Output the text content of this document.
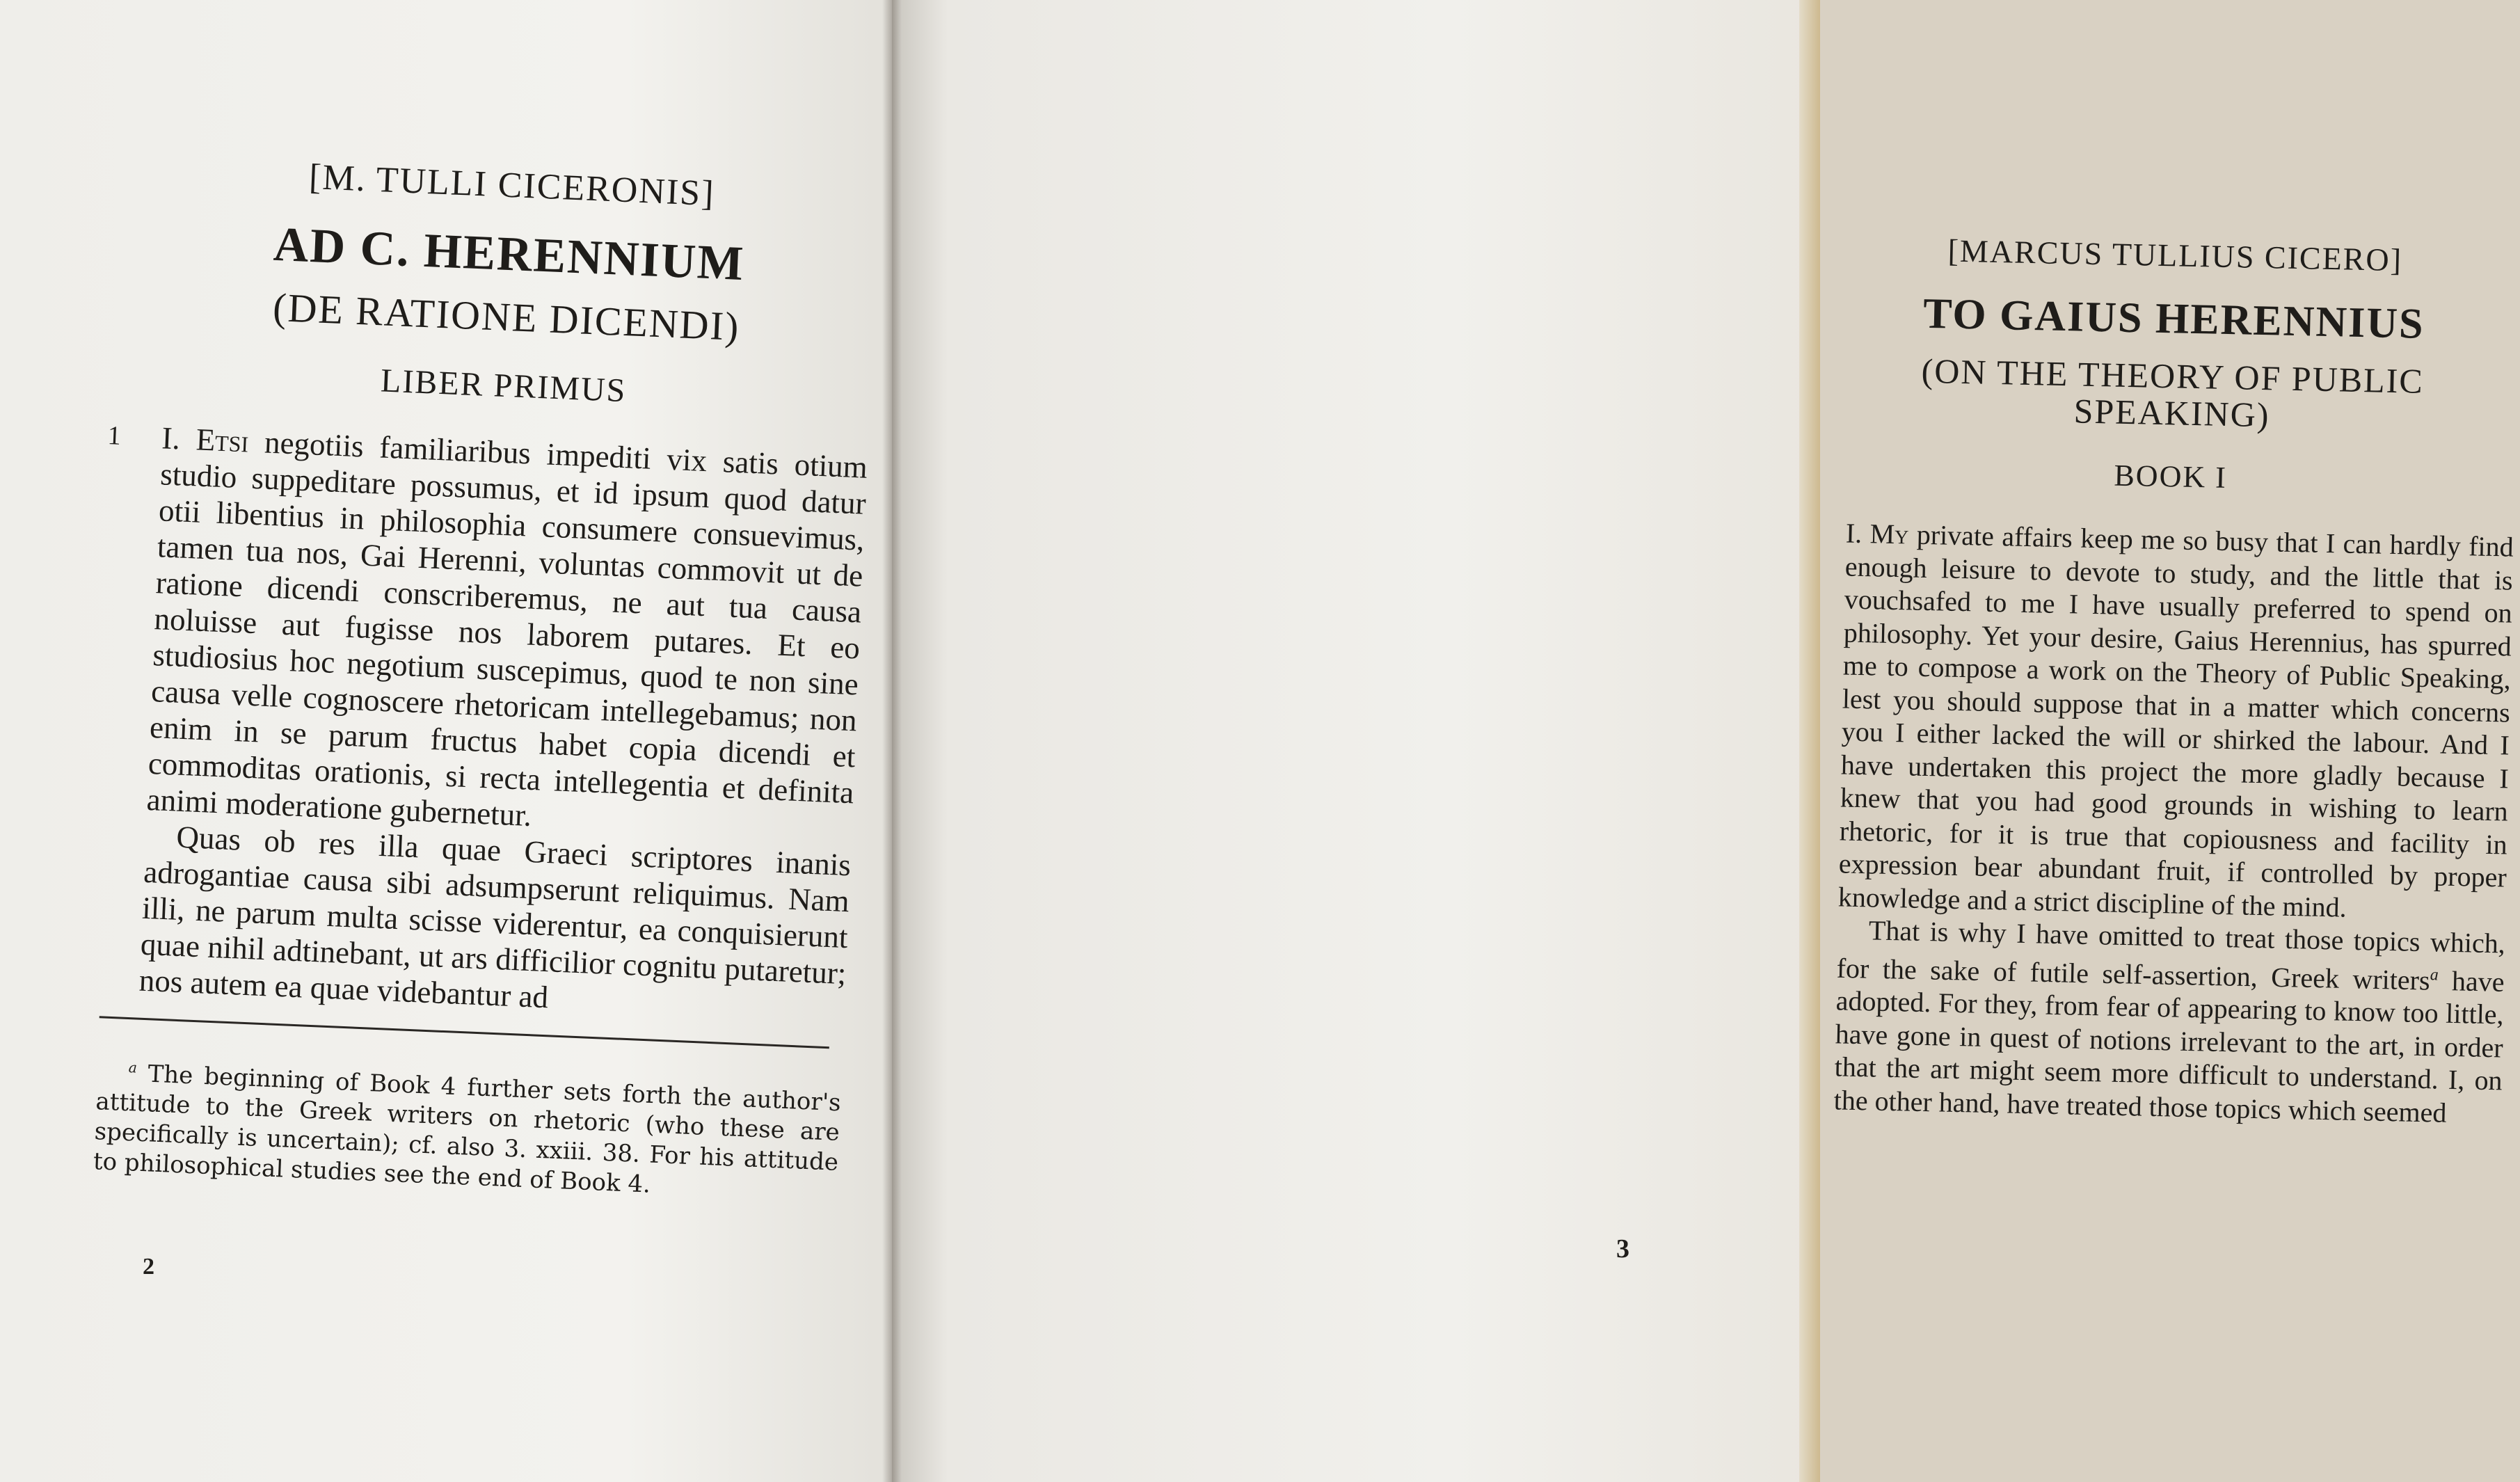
[M. TULLI CICERONIS]
AD C. HERENNIUM
(DE RATIONE DICENDI)
LIBER PRIMUS
1 I. Etsi negotiis familiaribus impediti vix satis otium studio suppeditare possumus, et id ipsum quod datur otii libentius in philosophia consumere consuevimus, tamen tua nos, Gai Herenni, voluntas commovit ut de ratione dicendi conscriberemus, ne aut tua causa noluisse aut fugisse nos laborem putares. Et eo studiosius hoc negotium suscepimus, quod te non sine causa velle cognoscere rhetoricam intellegebamus; non enim in se parum fructus habet copia dicendi et commoditas orationis, si recta intellegentia et definita animi moderatione gubernetur.
Quas ob res illa quae Graeci scriptores inanis adrogantiae causa sibi adsumpserunt reliquimus. Nam illi, ne parum multa scisse viderentur, ea conquisierunt quae nihil adtinebant, ut ars difficilior cognitu putaretur; nos autem ea quae videbantur ad
$^a$ The beginning of Book 4 further sets forth the author's attitude to the Greek writers on rhetoric (who these are specifically is uncertain); cf. also 3. xxiii. 38. For his attitude to philosophical studies see the end of Book 4.
2
[MARCUS TULLIUS CICERO]
TO GAIUS HERENNIUS
(ON THE THEORY OF PUBLIC
SPEAKING)
BOOK I
I. My private affairs keep me so busy that I can hardly find enough leisure to devote to study, and the little that is vouchsafed to me I have usually preferred to spend on philosophy. Yet your desire, Gaius Herennius, has spurred me to compose a work on the Theory of Public Speaking, lest you should suppose that in a matter which concerns you I either lacked the will or shirked the labour. And I have undertaken this project the more gladly because I knew that you had good grounds in wishing to learn rhetoric, for it is true that copiousness and facility in expression bear abundant fruit, if controlled by proper knowledge and a strict discipline of the mind.
That is why I have omitted to treat those topics which, for the sake of futile self-assertion, Greek writers$^a$ have adopted. For they, from fear of appearing to know too little, have gone in quest of notions irrelevant to the art, in order that the art might seem more difficult to understand. I, on the other hand, have treated those topics which seemed
3
